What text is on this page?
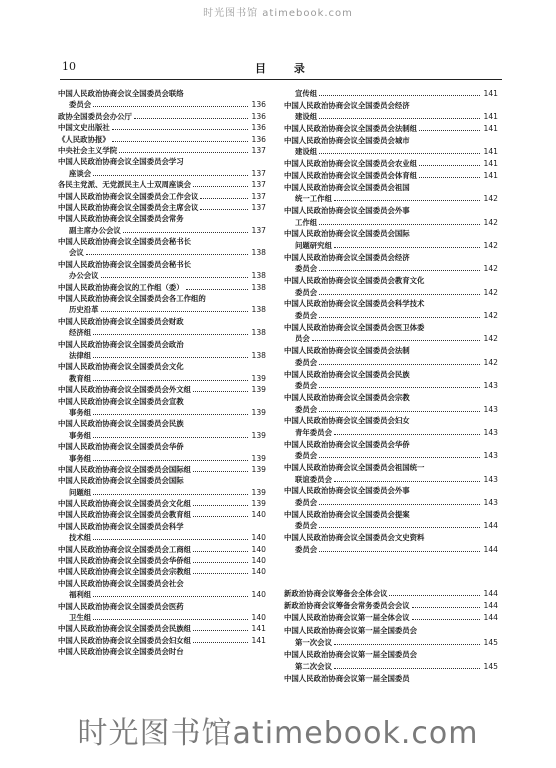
时光图书馆 atimebook.com
10	目 录
中国人民政治协商会议全国委员会联络
委员会	136
政协全国委员会办公厅	136
中国文史出版社	136
《人民政协报》	136
中央社会主义学院	137
中国人民政治协商会议全国委员会学习
座谈会	137
各民主党派、无党派民主人士双周座谈会	137
中国人民政治协商会议全国委员会工作会议	137
中国人民政治协商会议全国委员会主席会议	137
中国人民政治协商会议全国委员会常务
副主席办公会议	137
中国人民政治协商会议全国委员会秘书长
会议	138
中国人民政治协商会议全国委员会秘书长
办公会议	138
中国人民政治协商会议的工作组（委）	138
中国人民政治协商会议全国委员会各工作组的
历史沿革	138
中国人民政治协商会议全国委员会财政
经济组	138
中国人民政治协商会议全国委员会政治
法律组	138
中国人民政治协商会议全国委员会文化
教育组	139
中国人民政治协商会议全国委员会外文组	139
中国人民政治协商会议全国委员会宣教
事务组	139
中国人民政治协商会议全国委员会民族
事务组	139
中国人民政治协商会议全国委员会华侨
事务组	139
中国人民政治协商会议全国委员会国际组	139
中国人民政治协商会议全国委员会国际
问题组	139
中国人民政治协商会议全国委员会文化组	139
中国人民政治协商会议全国委员会教育组	140
中国人民政治协商会议全国委员会科学
技术组	140
中国人民政治协商会议全国委员会工商组	140
中国人民政治协商会议全国委员会华侨组	140
中国人民政治协商会议全国委员会宗教组	140
中国人民政治协商会议全国委员会社会
福利组	140
中国人民政治协商会议全国委员会医药
卫生组	140
中国人民政治协商会议全国委员会民族组	141
中国人民政治协商会议全国委员会妇女组	141
中国人民政治协商会议全国委员会时台
宣传组	141
中国人民政治协商会议全国委员会经济
建设组	141
中国人民政治协商会议全国委员会法制组	141
中国人民政治协商会议全国委员会城市
建设组	141
中国人民政治协商会议全国委员会农业组	141
中国人民政治协商会议全国委员会体育组	141
中国人民政治协商会议全国委员会祖国
统一工作组	142
中国人民政治协商会议全国委员会外事
工作组	142
中国人民政治协商会议全国委员会国际
问题研究组	142
中国人民政治协商会议全国委员会经济
委员会	142
中国人民政治协商会议全国委员会教育文化
委员会	142
中国人民政治协商会议全国委员会科学技术
委员会	142
中国人民政治协商会议全国委员会医卫体委
员会	142
中国人民政治协商会议全国委员会法制
委员会	142
中国人民政治协商会议全国委员会民族
委员会	143
中国人民政治协商会议全国委员会宗教
委员会	143
中国人民政治协商会议全国委员会妇女
青年委员会	143
中国人民政治协商会议全国委员会华侨
委员会	143
中国人民政治协商会议全国委员会祖国统一
联谊委员会	143
中国人民政治协商会议全国委员会外事
委员会	143
中国人民政治协商会议全国委员会提案
委员会	144
中国人民政治协商会议全国委员会文史资料
委员会	144
新政治协商会议筹备会全体会议	144
新政治协商会议筹备会常务委员会会议	144
中国人民政治协商会议第一届全体会议	144
中国人民政治协商会议第一届全国委员会
第一次会议	145
中国人民政治协商会议第一届全国委员会
第二次会议	145
中国人民政治协商会议第一届全国委员
时光图书馆atimebook.com
